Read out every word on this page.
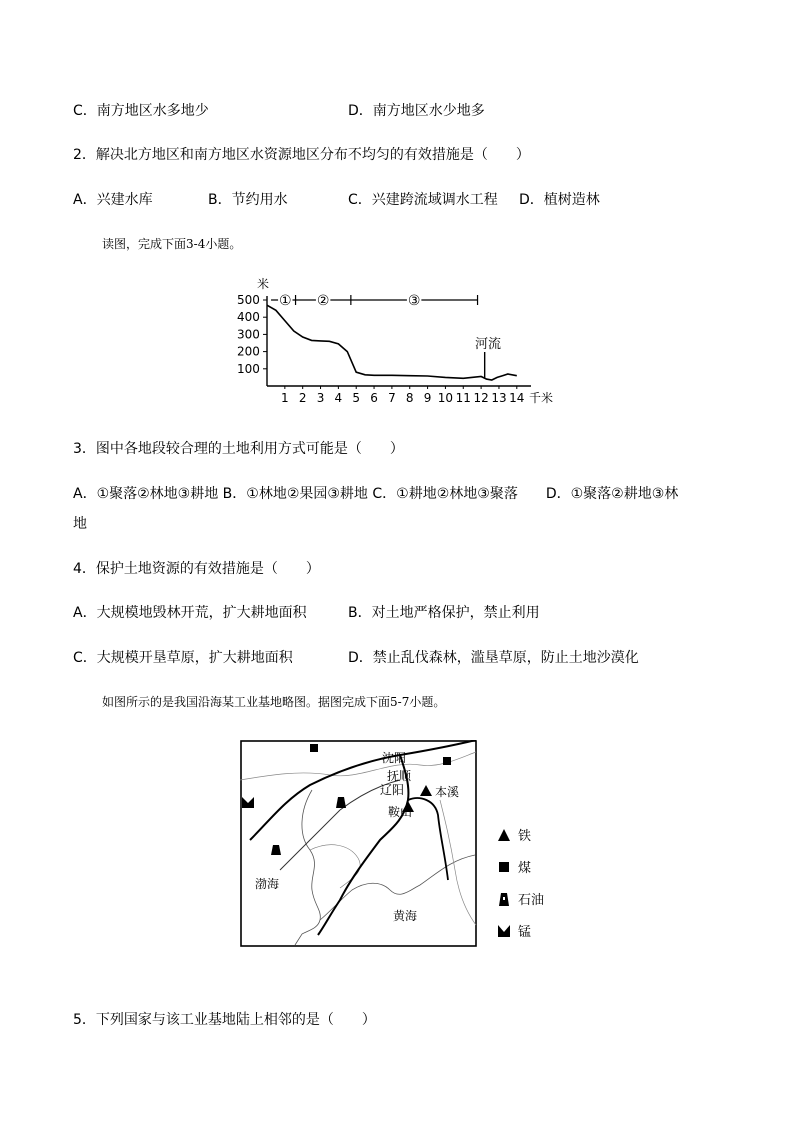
C．南方地区水多地少	D．南方地区水少地多
2．解决北方地区和南方地区水资源地区分布不均匀的有效措施是（　　）
A．兴建水库	B．节约用水	C．兴建跨流域调水工程 D．植树造林
读图，完成下面3-4小题。
米
500
400
300
200
100
1 2 3 4 5 6 7 8 9 10 11 12 13 14 千米
河流
① ②	③
3．图中各地段较合理的土地利用方式可能是（　　）
A．①聚落②林地③耕地 B．①林地②果园③耕地 C．①耕地②林地③聚落　　D．①聚落②耕地③林
地
4．保护土地资源的有效措施是（　　）
A．大规模地毁林开荒，扩大耕地面积	B．对土地严格保护，禁止利用
C．大规模开垦草原，扩大耕地面积	D．禁止乱伐森林，滥垦草原，防止土地沙漠化
如图所示的是我国沿海某工业基地略图。据图完成下面5-7小题。
沈阳
抚顺
辽阳	本溪
鞍山
渤海
黄海
铁
煤
石油
锰
5．下列国家与该工业基地陆上相邻的是（　　）
